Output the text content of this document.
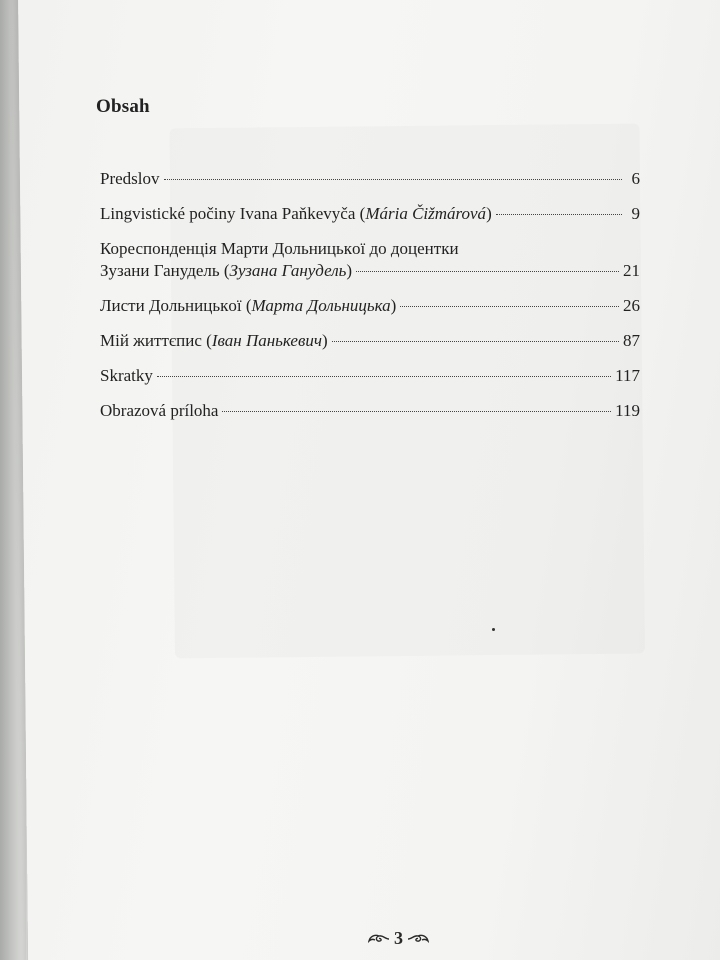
Obsah
Predslov	6
Lingvistické počiny Ivana Paňkevyča (Mária Čižmárová)	9
Кореспонденція Марти Дольницькoї до доцентки
Зузани Ганудель (Зузана Ганудель)	21
Листи Дольницькoї (Марта Дольницька)	26
Мій життєпис (Іван Панькевич)	87
Skratky	117
Obrazová príloha	119
3
